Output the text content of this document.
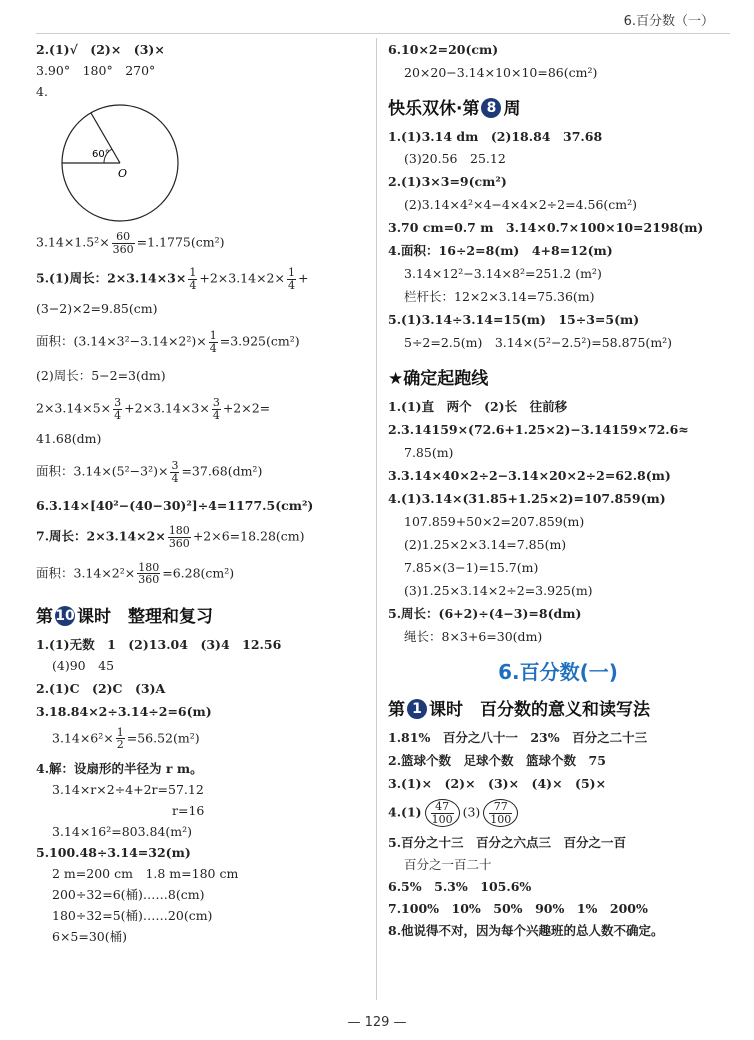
6.百分数（一）
2.(1)√　(2)×　(3)×
3.90°　180°　270°
4.
60°
O
$3.14\times 1.5^2\times \frac{60}{360} =1.1775(cm^2)$
5.(1)周长：$2\times 3.14\times 3\times \frac{1}{4} +2\times 3.14\times 2\times \frac{1}{4}$ +
(3−2)×2=9.85(cm)
面积：$(3.14\times 3^2-3.14\times 2^2)\times \frac{1}{4} =3.925(cm^2)$
(2)周长：5−2=3(dm)
$2\times 3.14\times 5\times \frac{3}{4} +2\times 3.14\times 3\times \frac{3}{4} +2\times 2=$
41.68(dm)
面积：$3.14\times(5^2-3^2)\times \frac{3}{4} =37.68(dm^2)$
6.3.14×[40²−(40−30)²]÷4=1177.5(cm²)
7.周长：$2\times 3.14\times 2\times \frac{180}{360} +2\times 6=18.28(cm)$
面积：$3.14\times 2^2\times \frac{180}{360} =6.28(cm^2)$
第 10 课时　整理和复习
1.(1)无数　1　(2)13.04　(3)4　12.56
(4)90　45
2.(1)C　(2)C　(3)A
3.18.84×2÷3.14÷2=6(m)
$3.14\times 6^2\times \frac{1}{2} =56.52(m^2)$
4.解：设扇形的半径为 r m。
3.14×r×2÷4+2r=57.12
r=16
3.14×16²=803.84(m²)
5.100.48÷3.14=32(m)
2 m=200 cm　1.8 m=180 cm
200÷32=6(桶)……8(cm)
180÷32=5(桶)……20(cm)
6×5=30(桶)
6.10×2=20(cm)
20×20−3.14×10×10=86(cm²)
快乐双休·第 8 周
1.(1)3.14 dm　(2)18.84　37.68
(3)20.56　25.12
2.(1)3×3=9(cm²)
(2)3.14×4²×4−4×4×2÷2=4.56(cm²)
3.70 cm=0.7 m　3.14×0.7×100×10=2198(m)
4.面积：16÷2=8(m)　4+8=12(m)
3.14×12²−3.14×8²=251.2 (m²)
栏杆长：12×2×3.14=75.36(m)
5.(1)3.14÷3.14=15(m)　15÷3=5(m)
5÷2=2.5(m)　3.14×(5²−2.5²)=58.875(m²)
★确定起跑线
1.(1)直　两个　(2)长　往前移
2.3.14159×(72.6+1.25×2)−3.14159×72.6≈
7.85(m)
3.3.14×40×2÷2−3.14×20×2÷2=62.8(m)
4.(1)3.14×(31.85+1.25×2)=107.859(m)
107.859+50×2=207.859(m)
(2)1.25×2×3.14=7.85(m)
7.85×(3−1)=15.7(m)
(3)1.25×3.14×2÷2=3.925(m)
5.周长：(6+2)÷(4−3)=8(dm)
绳长：8×3+6=30(dm)
6.百分数(一)
第 1 课时　百分数的意义和读写法
1.81%　百分之八十一　23%　百分之二十三
2.篮球个数　足球个数　篮球个数　75
3.(1)×　(2)×　(3)×　(4)×　(5)×
$4.(1) \frac{47}{100} (3) \frac{77}{100}$
5.百分之十三　百分之六点三　百分之一百
百分之一百二十
6.5%　5.3%　105.6%
7.100%　10%　50%　90%　1%　200%
8.他说得不对，因为每个兴趣班的总人数不确定。
— 129 —
